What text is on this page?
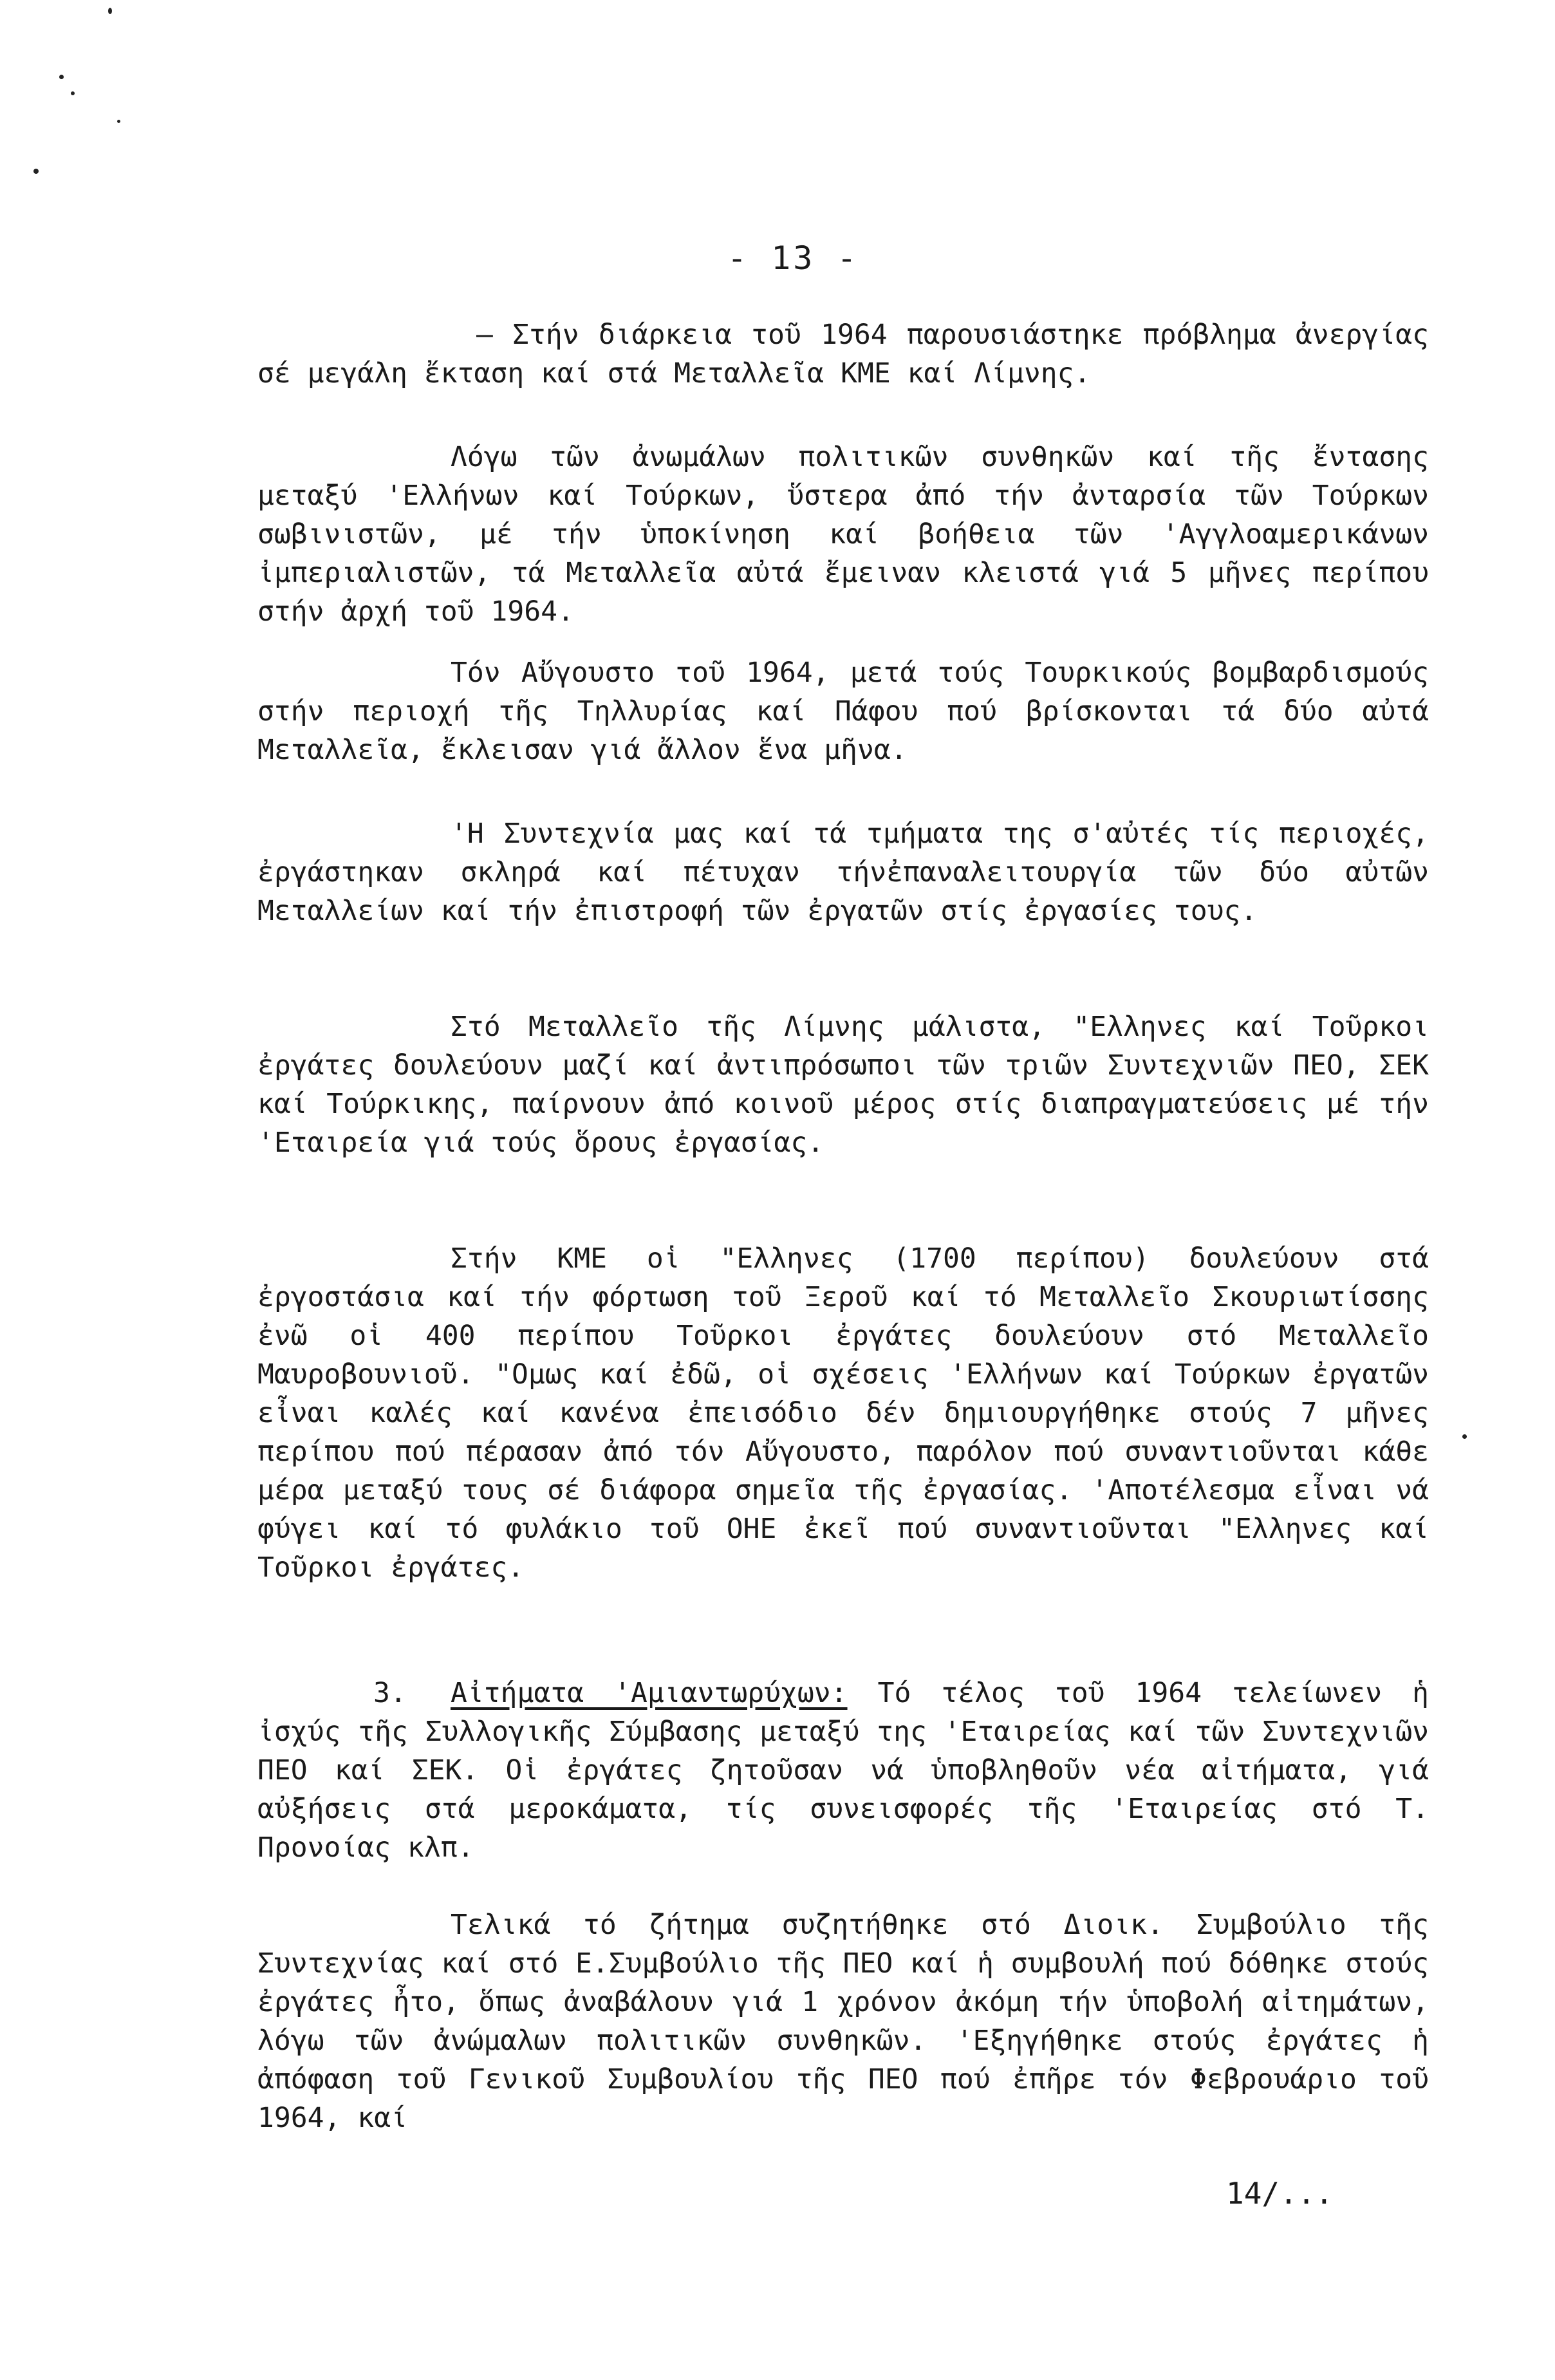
- 13 -

– Στήν διάρκεια τοῦ 1964 παρουσιάστηκε πρόβλημα ἀνεργίας σέ μεγάλη ἔκταση καί στά Μεταλλεῖα ΚΜΕ καί Λίμνης.

Λόγω τῶν ἀνωμάλων πολιτικῶν συνθηκῶν καί τῆς ἔντασης μεταξύ 'Ελλήνων καί Τούρκων, ὕστερα ἀπό τήν ἀνταρσία τῶν Τούρκων σωβινιστῶν, μέ τήν ὑποκίνηση καί βοήθεια τῶν 'Αγγλοαμερικάνων ἰμπεριαλιστῶν, τά Μεταλλεῖα αὐτά ἔμειναν κλειστά γιά 5 μῆνες περίπου στήν ἀρχή τοῦ 1964.

Τόν Αὔγουστο τοῦ 1964, μετά τούς Τουρκικούς βομβαρδισμούς στήν περιοχή τῆς Τηλλυρίας καί Πάφου πού βρίσκονται τά δύο αὐτά Μεταλλεῖα, ἔκλεισαν γιά ἄλλον ἕνα μῆνα.

'Η Συντεχνία μας καί τά τμήματα της σ'αὐτές τίς περιοχές, ἐργάστηκαν σκληρά καί πέτυχαν τήνἐπαναλειτουργία τῶν δύο αὐτῶν Μεταλλείων καί τήν ἐπιστροφή τῶν ἐργατῶν στίς ἐργασίες τους.

Στό Μεταλλεῖο τῆς Λίμνης μάλιστα, "Ελληνες καί Τοῦρκοι ἐργάτες δουλεύουν μαζί καί ἀντιπρόσωποι τῶν τριῶν Συντεχνιῶν ΠΕΟ, ΣΕΚ καί Τούρκικης, παίρνουν ἀπό κοινοῦ μέρος στίς διαπραγματεύσεις μέ τήν 'Εταιρεία γιά τούς ὅρους ἐργασίας.

Στήν ΚΜΕ οἱ "Ελληνες (1700 περίπου) δουλεύουν στά ἐργοστάσια καί τήν φόρτωση τοῦ Ξεροῦ καί τό Μεταλλεῖο Σκουριωτίσσης ἐνῶ οἱ 400 περίπου Τοῦρκοι ἐργάτες δουλεύουν στό Μεταλλεῖο Μαυροβουνιοῦ. "Ομως καί ἐδῶ, οἱ σχέσεις 'Ελλήνων καί Τούρκων ἐργατῶν εἶναι καλές καί κανένα ἐπεισόδιο δέν δημιουργήθηκε στούς 7 μῆνες περίπου πού πέρασαν ἀπό τόν Αὔγουστο, παρόλον πού συναντιοῦνται κάθε μέρα μεταξύ τους σέ διάφορα σημεῖα τῆς ἐργασίας. 'Αποτέλεσμα εἶναι νά φύγει καί τό φυλάκιο τοῦ ΟΗΕ ἐκεῖ πού συναντιοῦνται "Ελληνες καί Τοῦρκοι ἐργάτες.

3. Αἰτήματα 'Αμιαντωρύχων: Τό τέλος τοῦ 1964 τελείωνεν ἡ ἰσχύς τῆς Συλλογικῆς Σύμβασης μεταξύ της 'Εταιρείας καί τῶν Συντεχνιῶν ΠΕΟ καί ΣΕΚ. Οἱ ἐργάτες ζητοῦσαν νά ὑποβληθοῦν νέα αἰτήματα, γιά αὐξήσεις στά μεροκάματα, τίς συνεισφορές τῆς 'Εταιρείας στό Τ. Προνοίας κλπ.

Τελικά τό ζήτημα συζητήθηκε στό Διοικ. Συμβούλιο τῆς Συντεχνίας καί στό Ε.Συμβούλιο τῆς ΠΕΟ καί ἡ συμβουλή πού δόθηκε στούς ἐργάτες ἦτο, ὅπως ἀναβάλουν γιά 1 χρόνον ἀκόμη τήν ὑποβολή αἰτημάτων, λόγω τῶν ἀνώμαλων πολιτικῶν συνθηκῶν. 'Εξηγήθηκε στούς ἐργάτες ἡ ἀπόφαση τοῦ Γενικοῦ Συμβουλίου τῆς ΠΕΟ πού ἐπῆρε τόν Φεβρουάριο τοῦ 1964, καί

14/...
